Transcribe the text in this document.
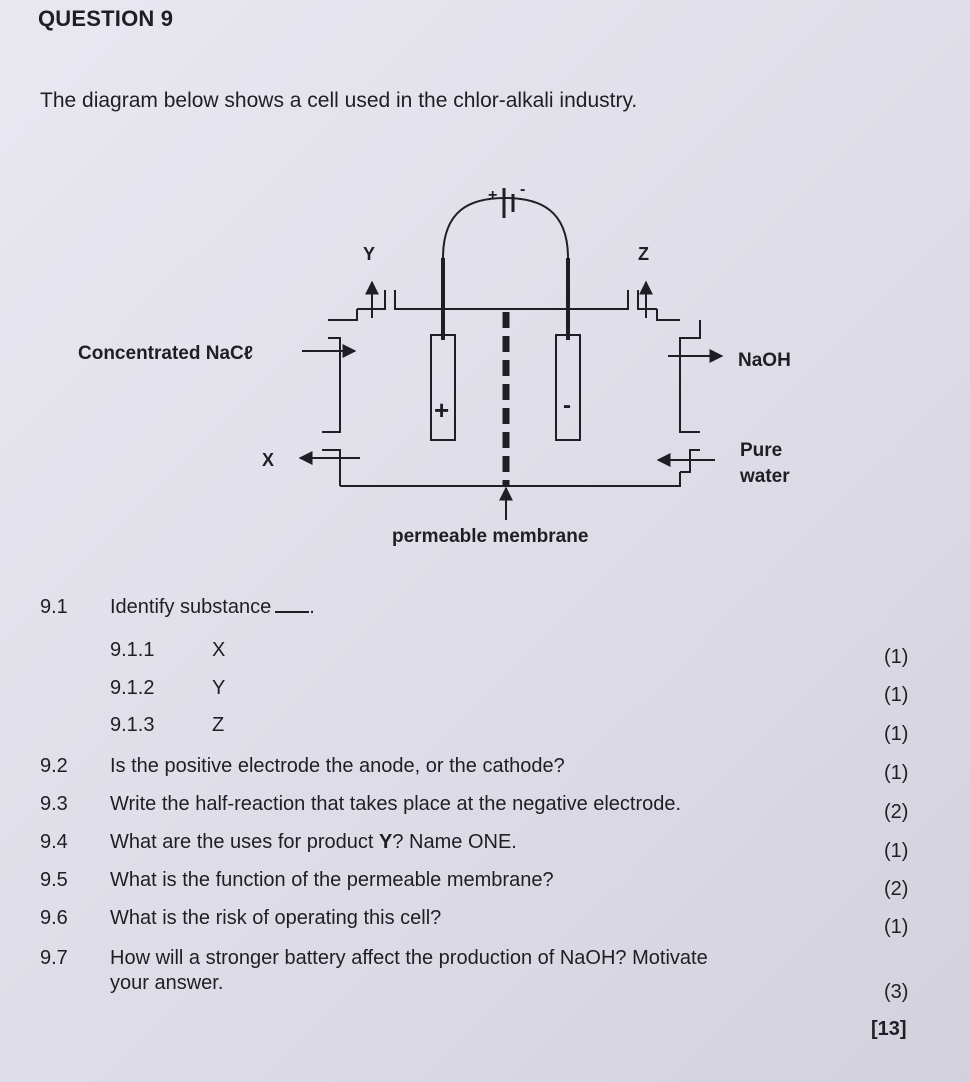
QUESTION 9
The diagram below shows a cell used in the chlor-alkali industry.
+ -
Y	Z
X
Concentrated NaCℓ	NaOH
Pure
water
+	-
permeable membrane
9.1 Identify substance .
9.1.1	X	(1)
9.1.2	Y	(1)
9.1.3	Z	(1)
9.2 Is the positive electrode the anode, or the cathode?	(1)
9.3 Write the half-reaction that takes place at the negative electrode.	(2)
9.4 What are the uses for product Y? Name ONE.	(1)
9.5 What is the function of the permeable membrane?	(2)
9.6 What is the risk of operating this cell?	(1)
9.7 How will a stronger battery affect the production of NaOH? Motivate
your answer.	(3)
[13]
